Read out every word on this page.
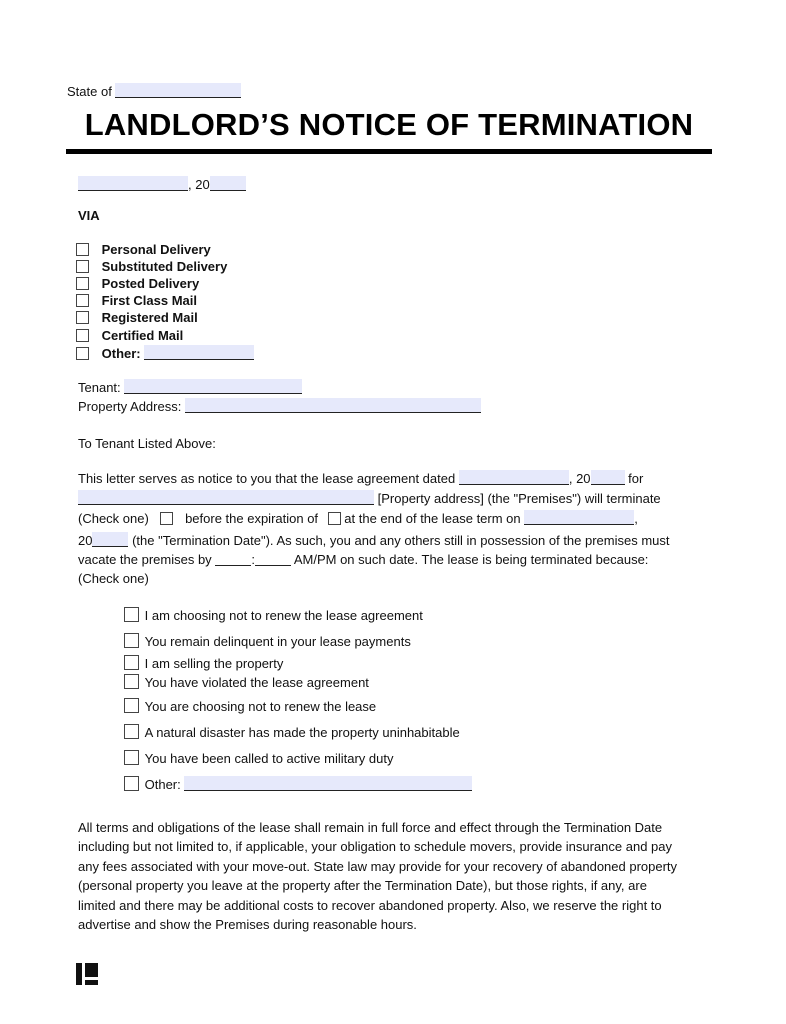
State of
LANDLORD’S NOTICE OF TERMINATION
, 20
VIA
Personal Delivery
Substituted Delivery
Posted Delivery
First Class Mail
Registered Mail
Certified Mail
Other:
Tenant:
Property Address:
To Tenant Listed Above:
This letter serves as notice to you that the lease agreement dated	, 20	for
[Property address] (the "Premises") will terminate
(Check one)	before the expiration of at the end of the lease term on	,
20	(the "Termination Date"). As such, you and any others still in possession of the premises must
vacate the premises by	:	AM/PM on such date. The lease is being terminated because:
(Check one)
I am choosing not to renew the lease agreement
You remain delinquent in your lease payments
I am selling the property
You have violated the lease agreement
You are choosing not to renew the lease
A natural disaster has made the property uninhabitable
You have been called to active military duty
Other:
All terms and obligations of the lease shall remain in full force and effect through the Termination Date
including but not limited to, if applicable, your obligation to schedule movers, provide insurance and pay
any fees associated with your move-out. State law may provide for your recovery of abandoned property
(personal property you leave at the property after the Termination Date), but those rights, if any, are
limited and there may be additional costs to recover abandoned property. Also, we reserve the right to
advertise and show the Premises during reasonable hours.
